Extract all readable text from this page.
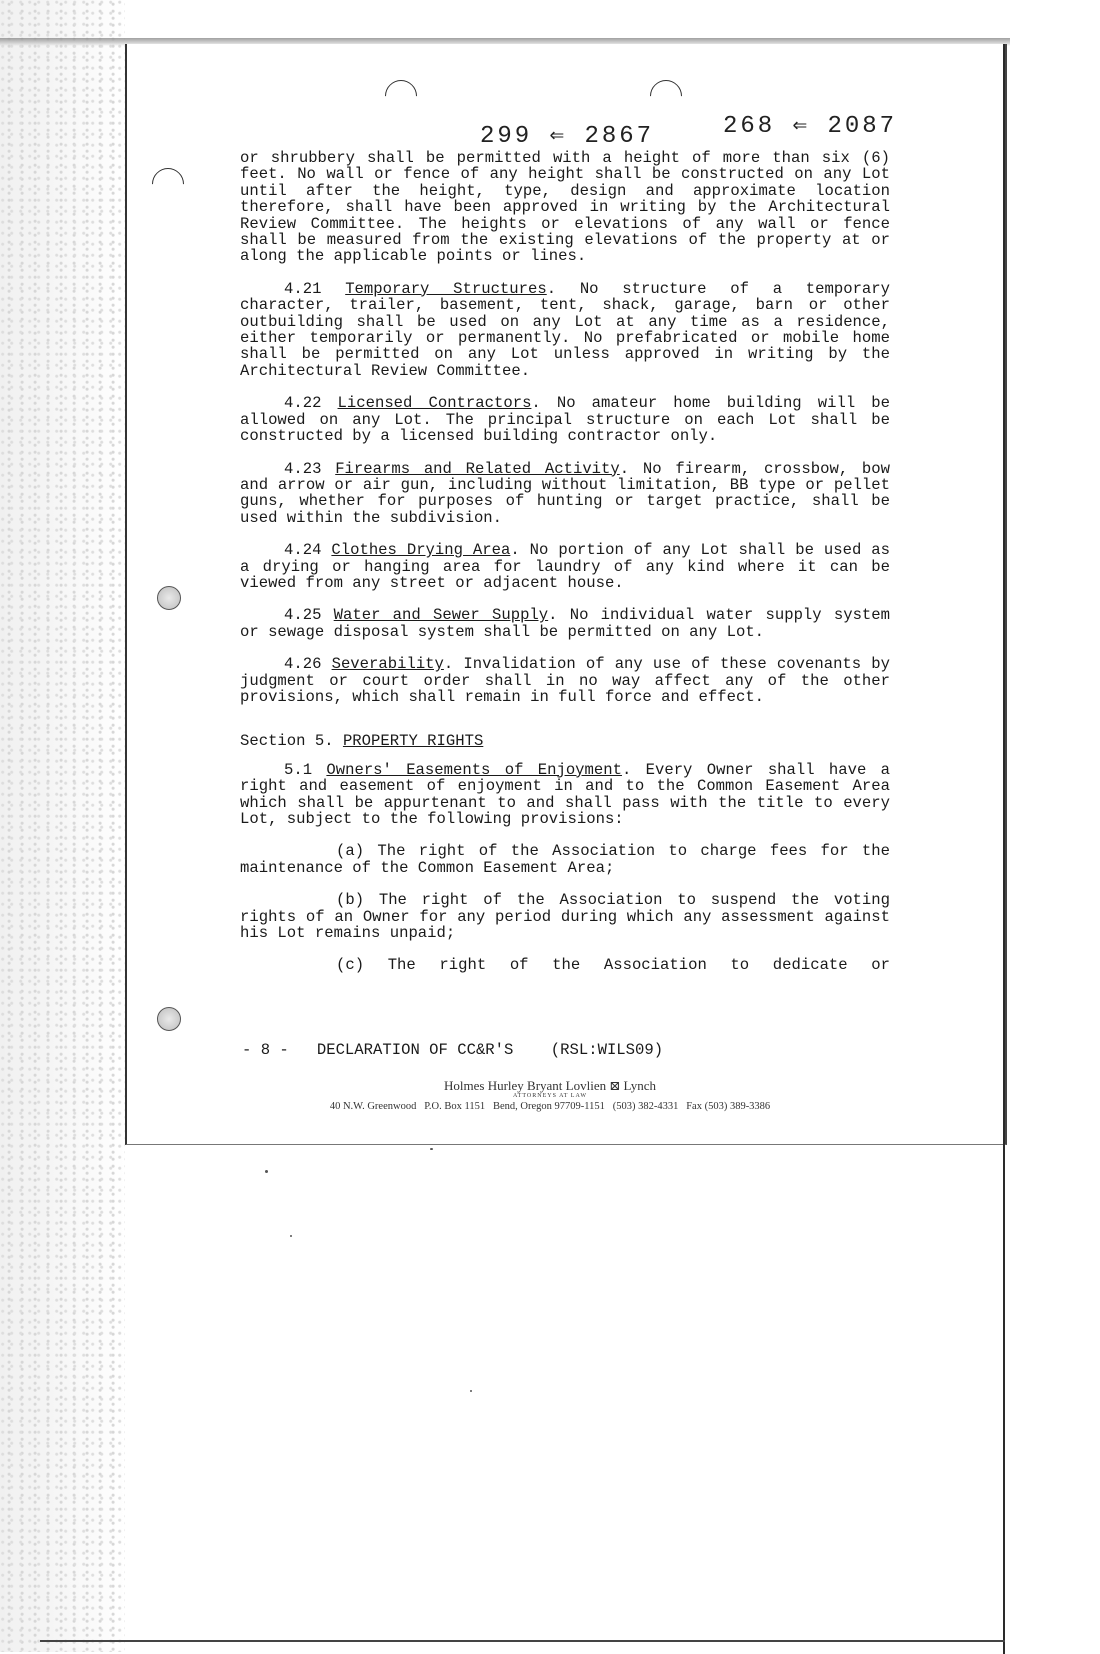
299 ⇐ 2867	268 ⇐ 2087

or shrubbery shall be permitted with a height of more than six (6) feet. No wall or fence of any height shall be constructed on any Lot until after the height, type, design and approximate location therefore, shall have been approved in writing by the Architectural Review Committee. The heights or elevations of any wall or fence shall be measured from the existing elevations of the property at or along the applicable points or lines.

4.21 Temporary Structures. No structure of a temporary character, trailer, basement, tent, shack, garage, barn or other outbuilding shall be used on any Lot at any time as a residence, either temporarily or permanently. No prefabricated or mobile home shall be permitted on any Lot unless approved in writing by the Architectural Review Committee.

4.22 Licensed Contractors. No amateur home building will be allowed on any Lot. The principal structure on each Lot shall be constructed by a licensed building contractor only.

4.23 Firearms and Related Activity. No firearm, crossbow, bow and arrow or air gun, including without limitation, BB type or pellet guns, whether for purposes of hunting or target practice, shall be used within the subdivision.

4.24 Clothes Drying Area. No portion of any Lot shall be used as a drying or hanging area for laundry of any kind where it can be viewed from any street or adjacent house.

4.25 Water and Sewer Supply. No individual water supply system or sewage disposal system shall be permitted on any Lot.

4.26 Severability. Invalidation of any use of these covenants by judgment or court order shall in no way affect any of the other provisions, which shall remain in full force and effect.

Section 5. PROPERTY RIGHTS

5.1 Owners' Easements of Enjoyment. Every Owner shall have a right and easement of enjoyment in and to the Common Easement Area which shall be appurtenant to and shall pass with the title to every Lot, subject to the following provisions:

(a) The right of the Association to charge fees for the maintenance of the Common Easement Area;

(b) The right of the Association to suspend the voting rights of an Owner for any period during which any assessment against his Lot remains unpaid;

(c) The right of the Association to dedicate or

- 8 -   DECLARATION OF CC&R'S    (RSL:WILS09)
Holmes Hurley Bryant Lovlien ⊠ Lynch
ATTORNEYS AT LAW
40 N.W. Greenwood   P.O. Box 1151   Bend, Oregon 97709-1151   (503) 382-4331   Fax (503) 389-3386
